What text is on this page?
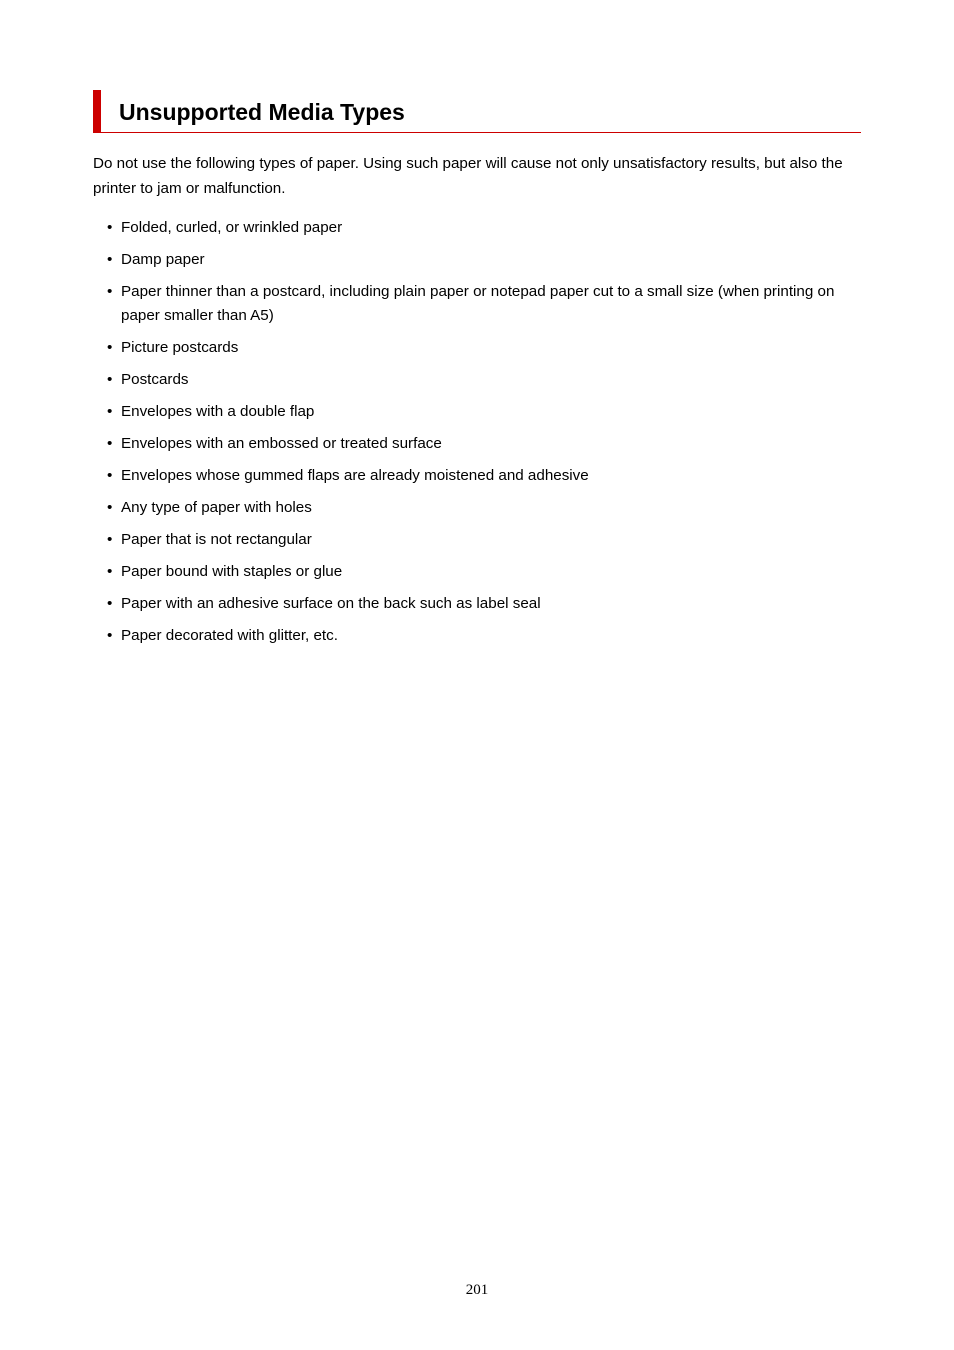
Unsupported Media Types

Do not use the following types of paper. Using such paper will cause not only unsatisfactory results, but also the printer to jam or malfunction.

• Folded, curled, or wrinkled paper
• Damp paper
• Paper thinner than a postcard, including plain paper or notepad paper cut to a small size (when printing on paper smaller than A5)
• Picture postcards
• Postcards
• Envelopes with a double flap
• Envelopes with an embossed or treated surface
• Envelopes whose gummed flaps are already moistened and adhesive
• Any type of paper with holes
• Paper that is not rectangular
• Paper bound with staples or glue
• Paper with an adhesive surface on the back such as label seal
• Paper decorated with glitter, etc.
201
